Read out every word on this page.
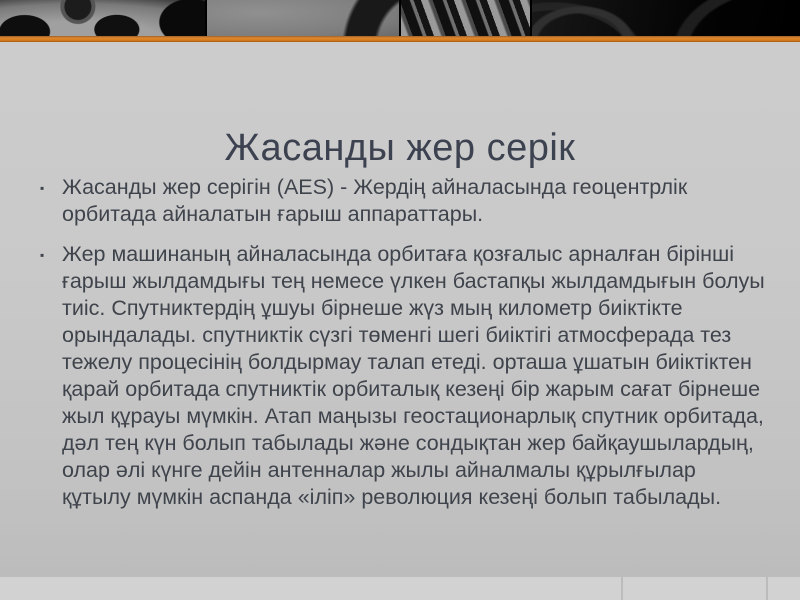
Жасанды жер серік
▪ Жасанды жер серігін (AES) - Жердің айналасында геоцентрлік орбитада айналатын ғарыш аппараттары.
▪ Жер машинаның айналасында орбитаға қозғалыс арналған бірінші ғарыш жылдамдығы тең немесе үлкен бастапқы жылдамдығын болуы тиіс. Спутниктердің ұшуы бірнеше жүз мың километр биіктікте орындалады. спутниктік сүзгі төменгі шегі биіктігі атмосферада тез тежелу процесінің болдырмау талап етеді. орташа ұшатын биіктіктен қарай орбитада спутниктік орбиталық кезеңі бір жарым сағат бірнеше жыл құрауы мүмкін. Атап маңызы геостационарлық спутник орбитада, дәл тең күн болып табылады және сондықтан жер байқаушылардың, олар әлі күнге дейін антенналар жылы айналмалы құрылғылар құтылу мүмкін аспанда «іліп» революция кезеңі болып табылады.
